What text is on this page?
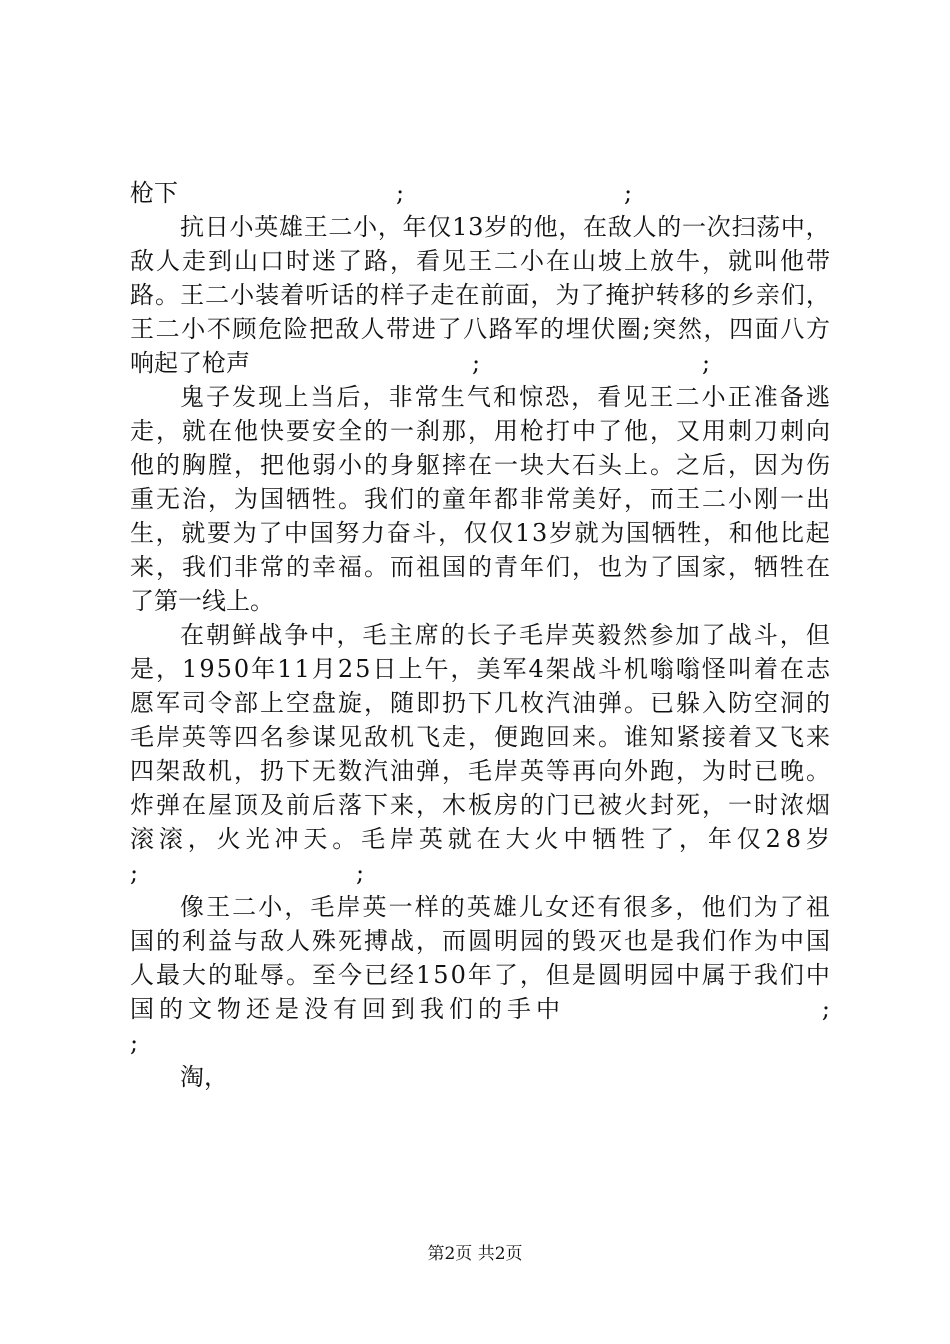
枪下	;	;
抗 日 小 英 雄 王 二 小 ， 年 仅 1 3 岁 的 他 ， 在 敌 人 的 一 次 扫 荡 中 ，
敌 人 走 到 山 口 时 迷 了 路 ， 看 见 王 二 小 在 山 坡 上 放 牛 ， 就 叫 他 带
路 。 王 二 小 装 着 听 话 的 样 子 走 在 前 面 ， 为 了 掩 护 转 移 的 乡 亲 们 ，
王 二 小 不 顾 危 险 把 敌 人 带 进 了 八 路 军 的 埋 伏 圈 ; 突 然 ， 四 面 八 方
响起了枪声	;	;
鬼 子 发 现 上 当 后 ， 非 常 生 气 和 惊 恐 ， 看 见 王 二 小 正 准 备 逃
走 ， 就 在 他 快 要 安 全 的 一 刹 那 ， 用 枪 打 中 了 他 ， 又 用 刺 刀 刺 向
他 的 胸 膛 ， 把 他 弱 小 的 身 躯 摔 在 一 块 大 石 头 上 。 之 后 ， 因 为 伤
重 无 治 ， 为 国 牺 牲 。 我 们 的 童 年 都 非 常 美 好 ， 而 王 二 小 刚 一 出
生 ， 就 要 为 了 中 国 努 力 奋 斗 ， 仅 仅 1 3 岁 就 为 国 牺 牲 ， 和 他 比 起
来 ， 我 们 非 常 的 幸 福 。 而 祖 国 的 青 年 们 ， 也 为 了 国 家 ， 牺 牲 在
了第一线上。
在 朝 鲜 战 争 中 ， 毛 主 席 的 长 子 毛 岸 英 毅 然 参 加 了 战 斗 ， 但
是 ， 1 9 5 0 年 1 1 月 2 5 日 上 午 ， 美 军 4 架 战 斗 机 嗡 嗡 怪 叫 着 在 志
愿 军 司 令 部 上 空 盘 旋 ， 随 即 扔 下 几 枚 汽 油 弹 。 已 躲 入 防 空 洞 的
毛 岸 英 等 四 名 参 谋 见 敌 机 飞 走 ， 便 跑 回 来 。 谁 知 紧 接 着 又 飞 来
四 架 敌 机 ， 扔 下 无 数 汽 油 弹 ， 毛 岸 英 等 再 向 外 跑 ， 为 时 已 晚 。
炸 弹 在 屋 顶 及 前 后 落 下 来 ， 木 板 房 的 门 已 被 火 封 死 ， 一 时 浓 烟
滚 滚 ， 火 光 冲 天 。 毛 岸 英 就 在 大 火 中 牺 牲 了 ， 年 仅 2 8 岁
;	;
像 王 二 小 ， 毛 岸 英 一 样 的 英 雄 儿 女 还 有 很 多 ， 他 们 为 了 祖
国 的 利 益 与 敌 人 殊 死 搏 战 ， 而 圆 明 园 的 毁 灭 也 是 我 们 作 为 中 国
人 最 大 的 耻 辱 。 至 今 已 经 1 5 0 年 了 ， 但 是 圆 明 园 中 属 于 我 们 中
国的文物还是没有回到我们的手中	;
;
淘，
第2页 共2页
